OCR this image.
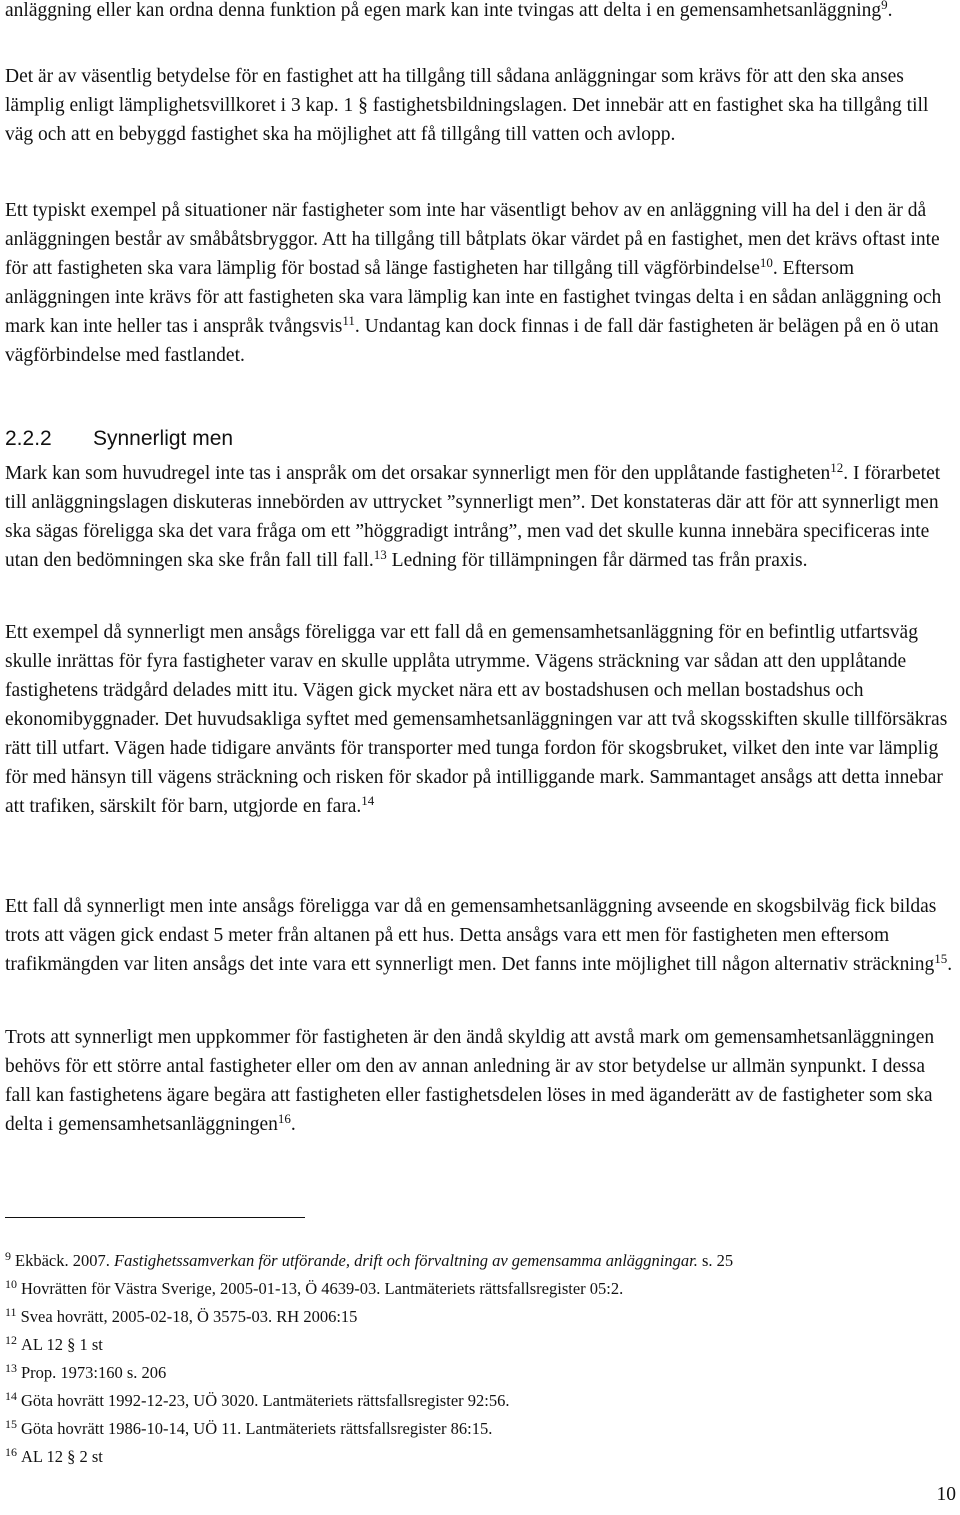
anläggning eller kan ordna denna funktion på egen mark kan inte tvingas att delta i en gemensamhetsanläggning$^9$.

Det är av väsentlig betydelse för en fastighet att ha tillgång till sådana anläggningar som krävs för att den ska anses lämplig enligt lämplighetsvillkoret i 3 kap. 1 § fastighetsbildningslagen. Det innebär att en fastighet ska ha tillgång till väg och att en bebyggd fastighet ska ha möjlighet att få tillgång till vatten och avlopp.

Ett typiskt exempel på situationer när fastigheter som inte har väsentligt behov av en anläggning vill ha del i den är då anläggningen består av småbåtsbryggor. Att ha tillgång till båtplats ökar värdet på en fastighet, men det krävs oftast inte för att fastigheten ska vara lämplig för bostad så länge fastigheten har tillgång till vägförbindelse$^{10}$. Eftersom anläggningen inte krävs för att fastigheten ska vara lämplig kan inte en fastighet tvingas delta i en sådan anläggning och mark kan inte heller tas i anspråk tvångsvis$^{11}$. Undantag kan dock finnas i de fall där fastigheten är belägen på en ö utan vägförbindelse med fastlandet.

2.2.2 Synnerligt men

Mark kan som huvudregel inte tas i anspråk om det orsakar synnerligt men för den upplåtande fastigheten$^{12}$. I förarbetet till anläggningslagen diskuteras innebörden av uttrycket ”synnerligt men”. Det konstateras där att för att synnerligt men ska sägas föreligga ska det vara fråga om ett ”höggradigt intrång”, men vad det skulle kunna innebära specificeras inte utan den bedömningen ska ske från fall till fall.$^{13}$ Ledning för tillämpningen får därmed tas från praxis.

Ett exempel då synnerligt men ansågs föreligga var ett fall då en gemensamhetsanläggning för en befintlig utfartsväg skulle inrättas för fyra fastigheter varav en skulle upplåta utrymme. Vägens sträckning var sådan att den upplåtande fastighetens trädgård delades mitt itu. Vägen gick mycket nära ett av bostadshusen och mellan bostadshus och ekonomibyggnader. Det huvudsakliga syftet med gemensamhetsanläggningen var att två skogsskiften skulle tillförsäkras rätt till utfart. Vägen hade tidigare använts för transporter med tunga fordon för skogsbruket, vilket den inte var lämplig för med hänsyn till vägens sträckning och risken för skador på intilliggande mark. Sammantaget ansågs att detta innebar att trafiken, särskilt för barn, utgjorde en fara.$^{14}$

Ett fall då synnerligt men inte ansågs föreligga var då en gemensamhetsanläggning avseende en skogsbilväg fick bildas trots att vägen gick endast 5 meter från altanen på ett hus. Detta ansågs vara ett men för fastigheten men eftersom trafikmängden var liten ansågs det inte vara ett synnerligt men. Det fanns inte möjlighet till någon alternativ sträckning$^{15}$.

Trots att synnerligt men uppkommer för fastigheten är den ändå skyldig att avstå mark om gemensamhetsanläggningen behövs för ett större antal fastigheter eller om den av annan anledning är av stor betydelse ur allmän synpunkt. I dessa fall kan fastighetens ägare begära att fastigheten eller fastighetsdelen löses in med äganderätt av de fastigheter som ska delta i gemensamhetsanläggningen$^{16}$.

$^9$ Ekbäck. 2007. Fastighetssamverkan för utförande, drift och förvaltning av gemensamma anläggningar. s. 25
$^{10}$ Hovrätten för Västra Sverige, 2005-01-13, Ö 4639-03. Lantmäteriets rättsfallsregister 05:2.
$^{11}$ Svea hovrätt, 2005-02-18, Ö 3575-03. RH 2006:15
$^{12}$ AL 12 § 1 st
$^{13}$ Prop. 1973:160 s. 206
$^{14}$ Göta hovrätt 1992-12-23, UÖ 3020. Lantmäteriets rättsfallsregister 92:56.
$^{15}$ Göta hovrätt 1986-10-14, UÖ 11. Lantmäteriets rättsfallsregister 86:15.
$^{16}$ AL 12 § 2 st
10
